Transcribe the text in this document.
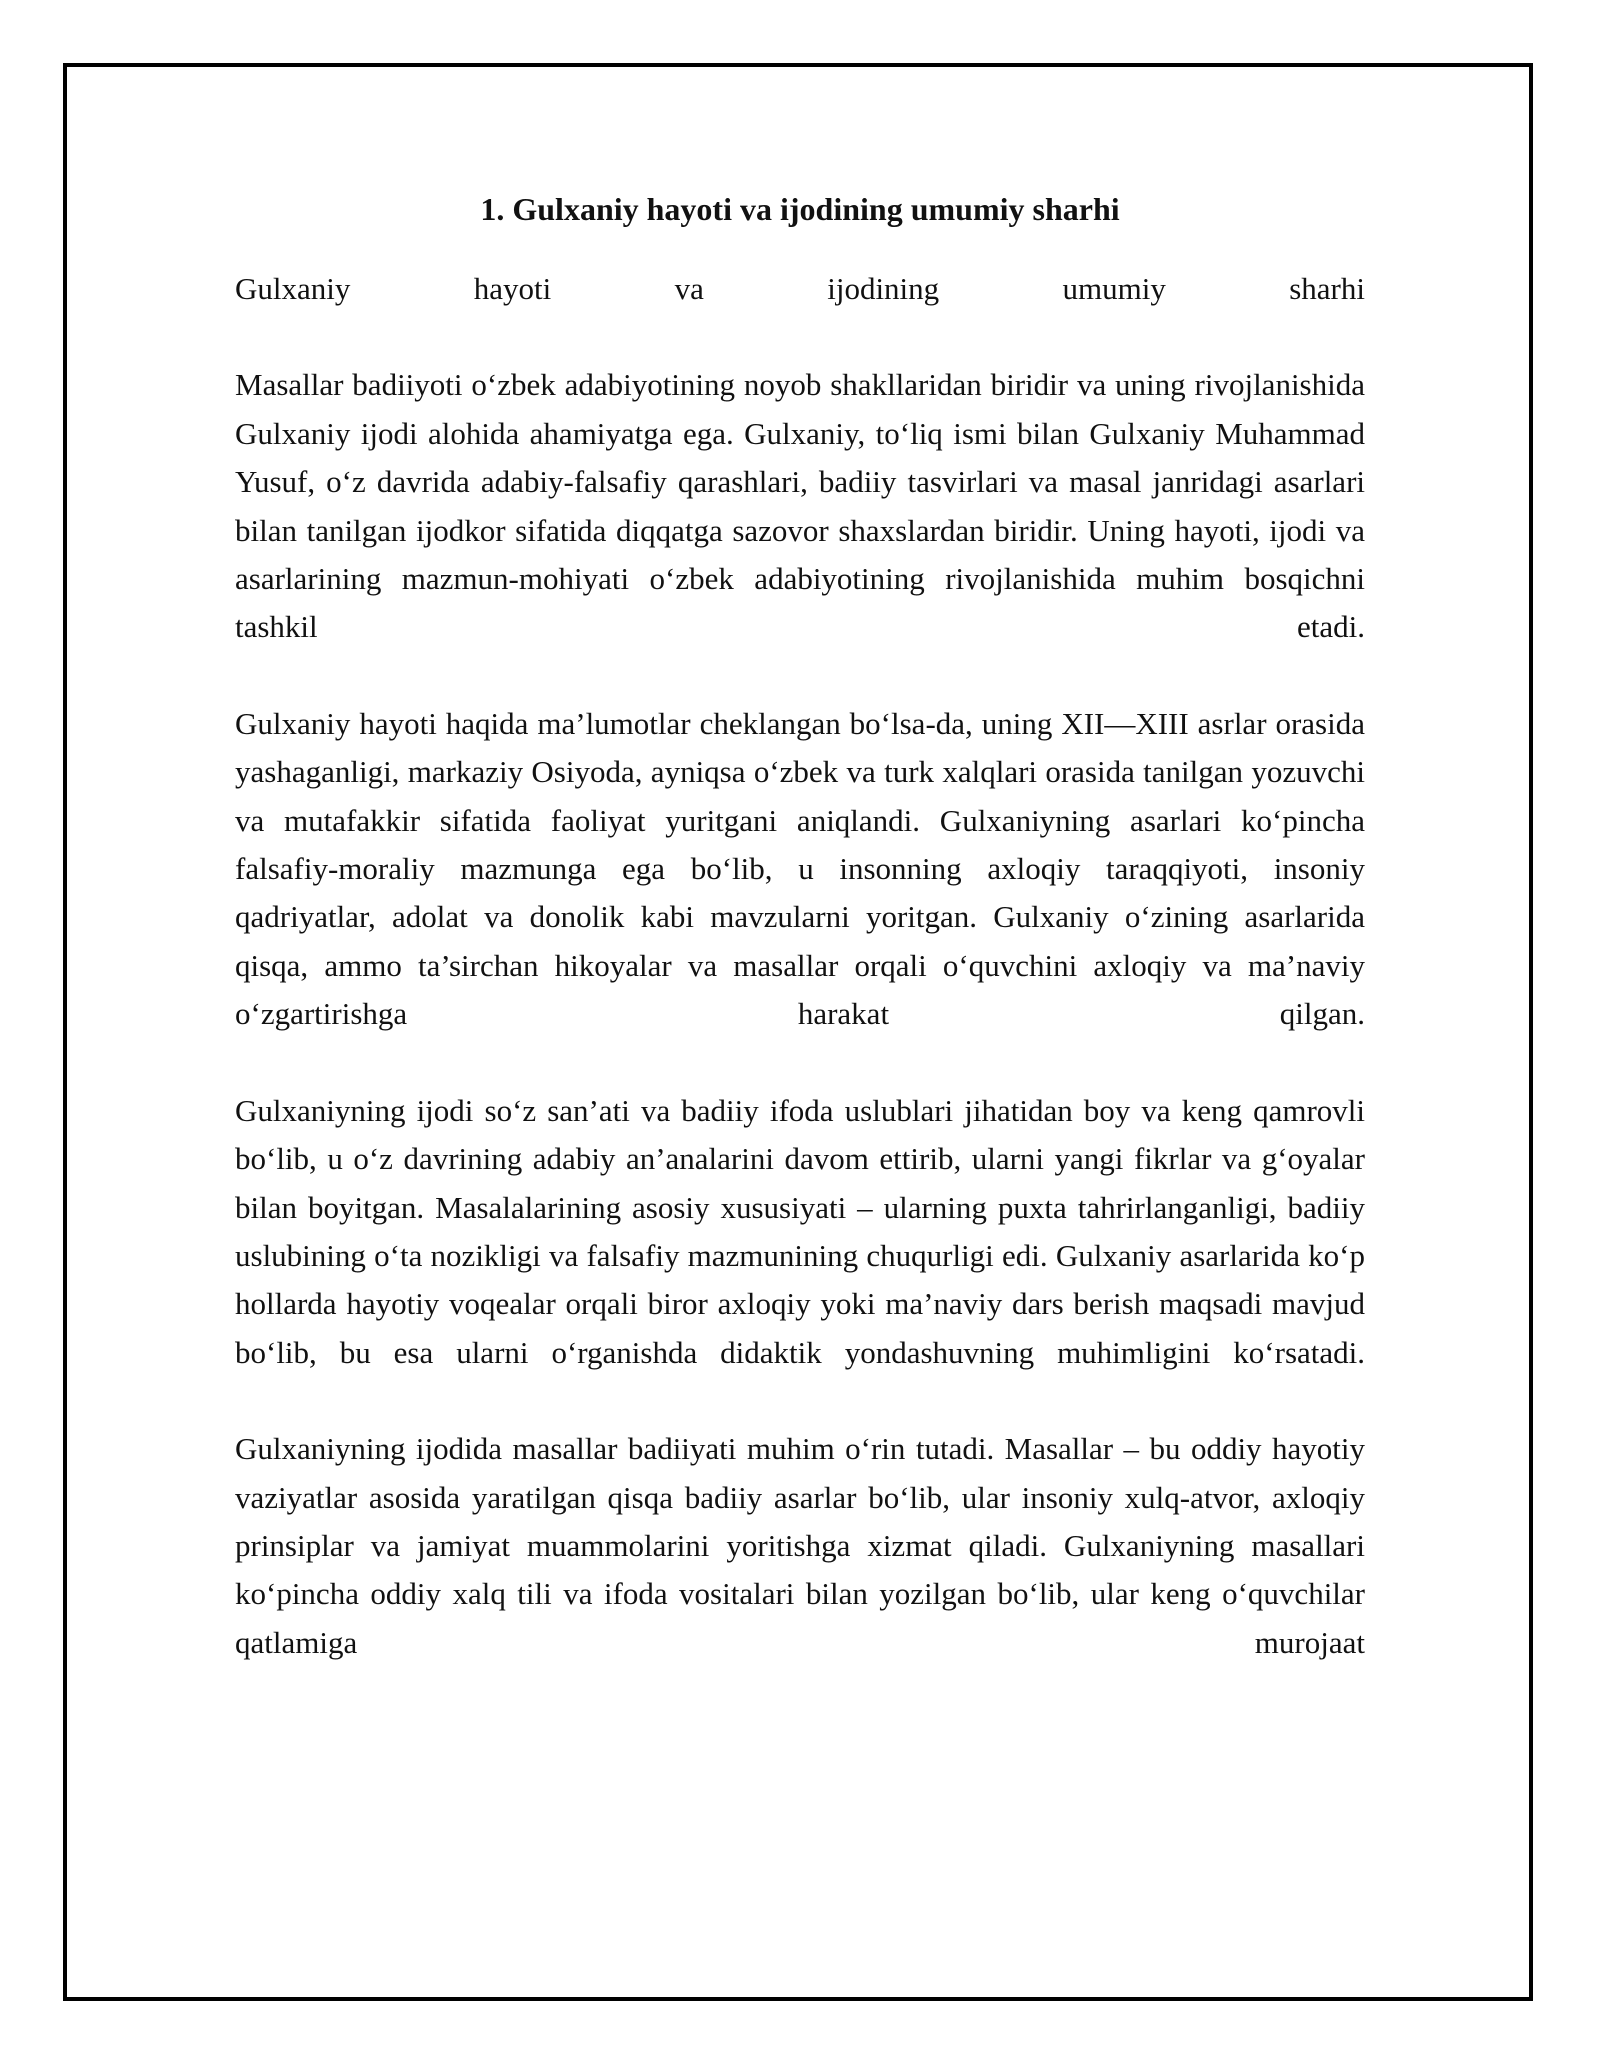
1. Gulxaniy hayoti va ijodining umumiy sharhi

Gulxaniy hayoti va ijodining umumiy sharhi

Masallar badiiyoti o‘zbek adabiyotining noyob shakllaridan biridir va uning rivojlanishida Gulxaniy ijodi alohida ahamiyatga ega. Gulxaniy, to‘liq ismi bilan Gulxaniy Muhammad Yusuf, o‘z davrida adabiy-falsafiy qarashlari, badiiy tasvirlari va masal janridagi asarlari bilan tanilgan ijodkor sifatida diqqatga sazovor shaxslardan biridir. Uning hayoti, ijodi va asarlarining mazmun-mohiyati o‘zbek adabiyotining rivojlanishida muhim bosqichni tashkil etadi.

Gulxaniy hayoti haqida ma’lumotlar cheklangan bo‘lsa-da, uning XII—XIII asrlar orasida yashaganligi, markaziy Osiyoda, ayniqsa o‘zbek va turk xalqlari orasida tanilgan yozuvchi va mutafakkir sifatida faoliyat yuritgani aniqlandi. Gulxaniyning asarlari ko‘pincha falsafiy-moraliy mazmunga ega bo‘lib, u insonning axloqiy taraqqiyoti, insoniy qadriyatlar, adolat va donolik kabi mavzularni yoritgan. Gulxaniy o‘zining asarlarida qisqa, ammo ta’sirchan hikoyalar va masallar orqali o‘quvchini axloqiy va ma’naviy o‘zgartirishga harakat qilgan.

Gulxaniyning ijodi so‘z san’ati va badiiy ifoda uslublari jihatidan boy va keng qamrovli bo‘lib, u o‘z davrining adabiy an’analarini davom ettirib, ularni yangi fikrlar va g‘oyalar bilan boyitgan. Masalalarining asosiy xususiyati – ularning puxta tahrirlanganligi, badiiy uslubining o‘ta nozikligi va falsafiy mazmunining chuqurligi edi. Gulxaniy asarlarida ko‘p hollarda hayotiy voqealar orqali biror axloqiy yoki ma’naviy dars berish maqsadi mavjud bo‘lib, bu esa ularni o‘rganishda didaktik yondashuvning muhimligini ko‘rsatadi.

Gulxaniyning ijodida masallar badiiyati muhim o‘rin tutadi. Masallar – bu oddiy hayotiy vaziyatlar asosida yaratilgan qisqa badiiy asarlar bo‘lib, ular insoniy xulq-atvor, axloqiy prinsiplar va jamiyat muammolarini yoritishga xizmat qiladi. Gulxaniyning masallari ko‘pincha oddiy xalq tili va ifoda vositalari bilan yozilgan bo‘lib, ular keng o‘quvchilar qatlamiga murojaat
